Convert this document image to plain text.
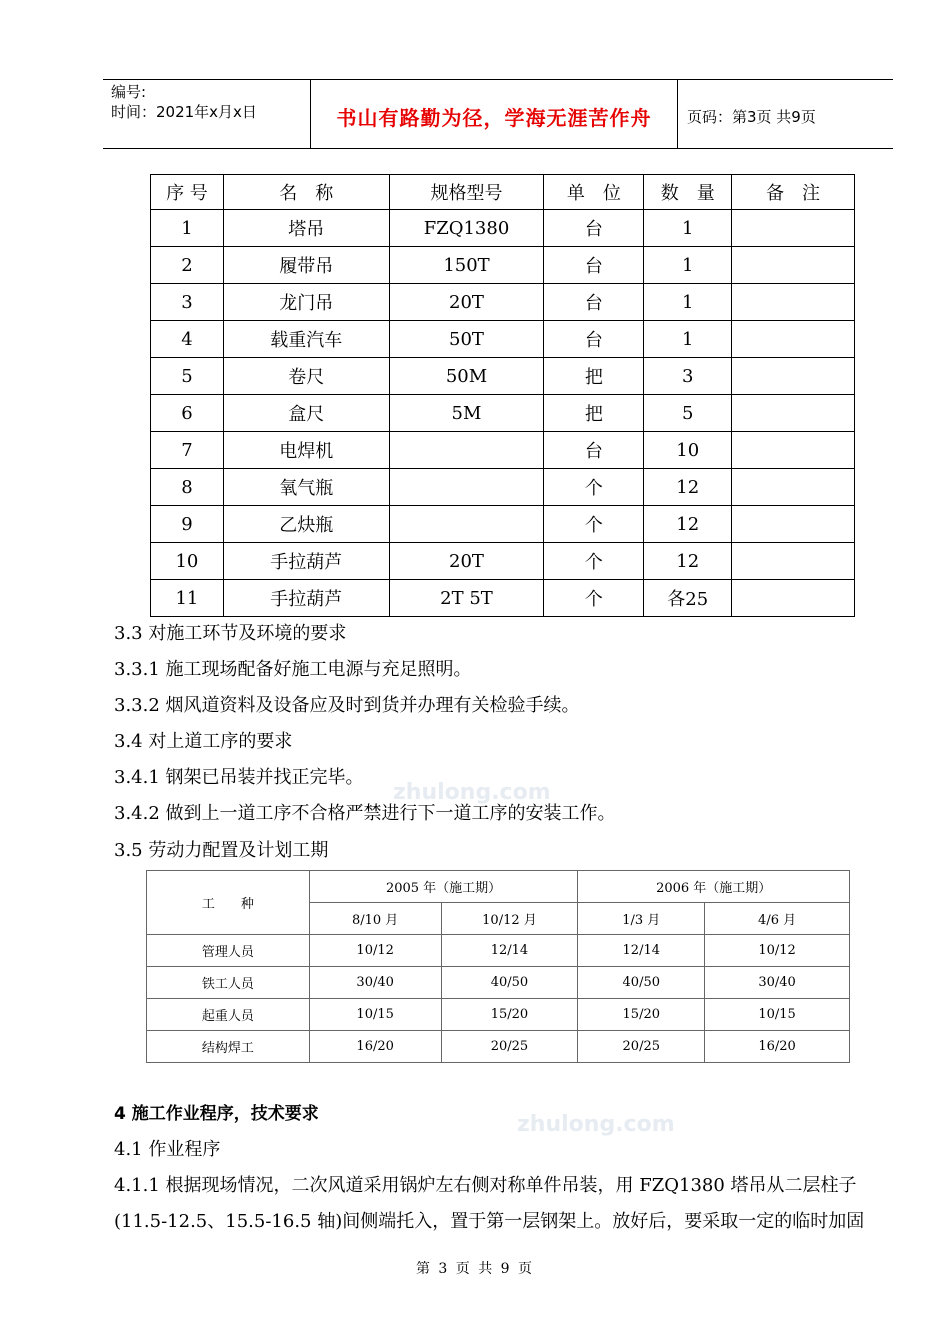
编号:
时间：2021年x月x日	书山有路勤为径，学海无涯苦作舟	页码：第3页 共9页
序 号	名　称	规格型号	单　位	数　量	备　注
1	塔吊	FZQ1380	台	1	
2	履带吊	150T	台	1	
3	龙门吊	20T	台	1	
4	载重汽车	50T	台	1	
5	卷尺	50M	把	3	
6	盒尺	5M	把	5	
7	电焊机		台	10	
8	氧气瓶		个	12	
9	乙炔瓶		个	12	
10	手拉葫芦	20T	个	12	
11	手拉葫芦	2T 5T	个	各25	
3.3 对施工环节及环境的要求
3.3.1 施工现场配备好施工电源与充足照明。
3.3.2 烟风道资料及设备应及时到货并办理有关检验手续。
3.4 对上道工序的要求
3.4.1 钢架已吊装并找正完毕。
3.4.2 做到上一道工序不合格严禁进行下一道工序的安装工作。
3.5 劳动力配置及计划工期
工　　种	2005 年（施工期）		2006 年（施工期）	
	8/10 月	10/12 月	1/3 月	4/6 月
管理人员	10/12	12/14	12/14	10/12
铁工人员	30/40	40/50	40/50	30/40
起重人员	10/15	15/20	15/20	10/15
结构焊工	16/20	20/25	20/25	16/20
4 施工作业程序，技术要求
4.1 作业程序
4.1.1 根据现场情况，二次风道采用锅炉左右侧对称单件吊装，用 FZQ1380 塔吊从二层柱子
(11.5-12.5、15.5-16.5 轴)间侧端托入，置于第一层钢架上。放好后，要采取一定的临时加固
zhulong.com
zhulong.com
第 3 页 共 9 页
